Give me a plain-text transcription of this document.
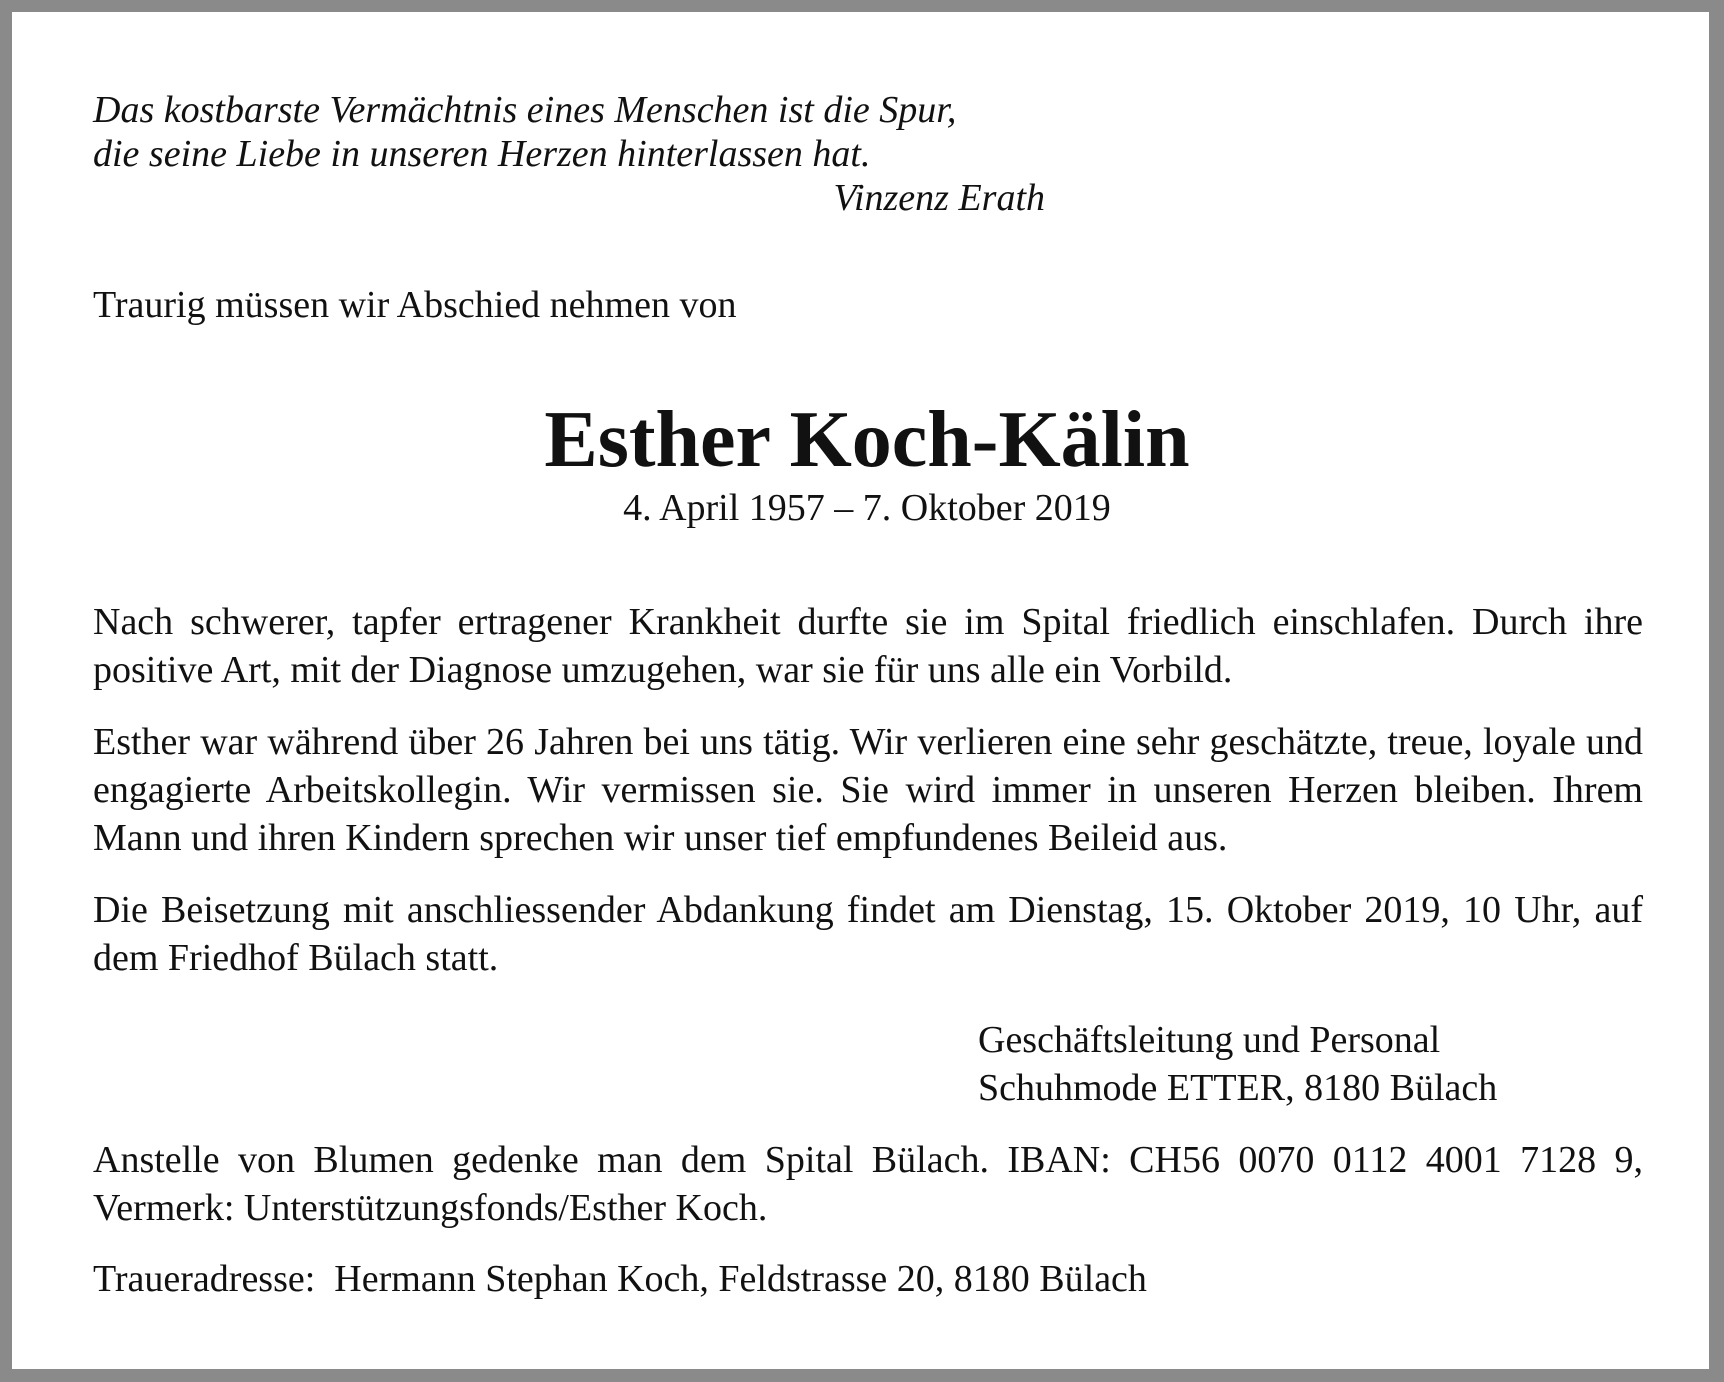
Das kostbarste Vermächtnis eines Menschen ist die Spur,
die seine Liebe in unseren Herzen hinterlassen hat.
Vinzenz Erath
Traurig müssen wir Abschied nehmen von
Esther Koch-Kälin
4. April 1957 – 7. Oktober 2019
Nach schwerer, tapfer ertragener Krankheit durfte sie im Spital friedlich einschlafen. Durch ihre positive Art, mit der Diagnose umzugehen, war sie für uns alle ein Vorbild.
Esther war während über 26 Jahren bei uns tätig. Wir verlieren eine sehr geschätzte, treue, loyale und engagierte Arbeitskollegin. Wir vermissen sie. Sie wird immer in unseren Herzen bleiben. Ihrem Mann und ihren Kindern sprechen wir unser tief empfundenes Beileid aus.
Die Beisetzung mit anschliessender Abdankung findet am Dienstag, 15. Oktober 2019, 10 Uhr, auf dem Friedhof Bülach statt.
Geschäftsleitung und Personal
Schuhmode ETTER, 8180 Bülach
Anstelle von Blumen gedenke man dem Spital Bülach. IBAN: CH56 0070 0112 4001 7128 9, Vermerk: Unterstützungsfonds/Esther Koch.
Traueradresse:  Hermann Stephan Koch, Feldstrasse 20, 8180 Bülach
